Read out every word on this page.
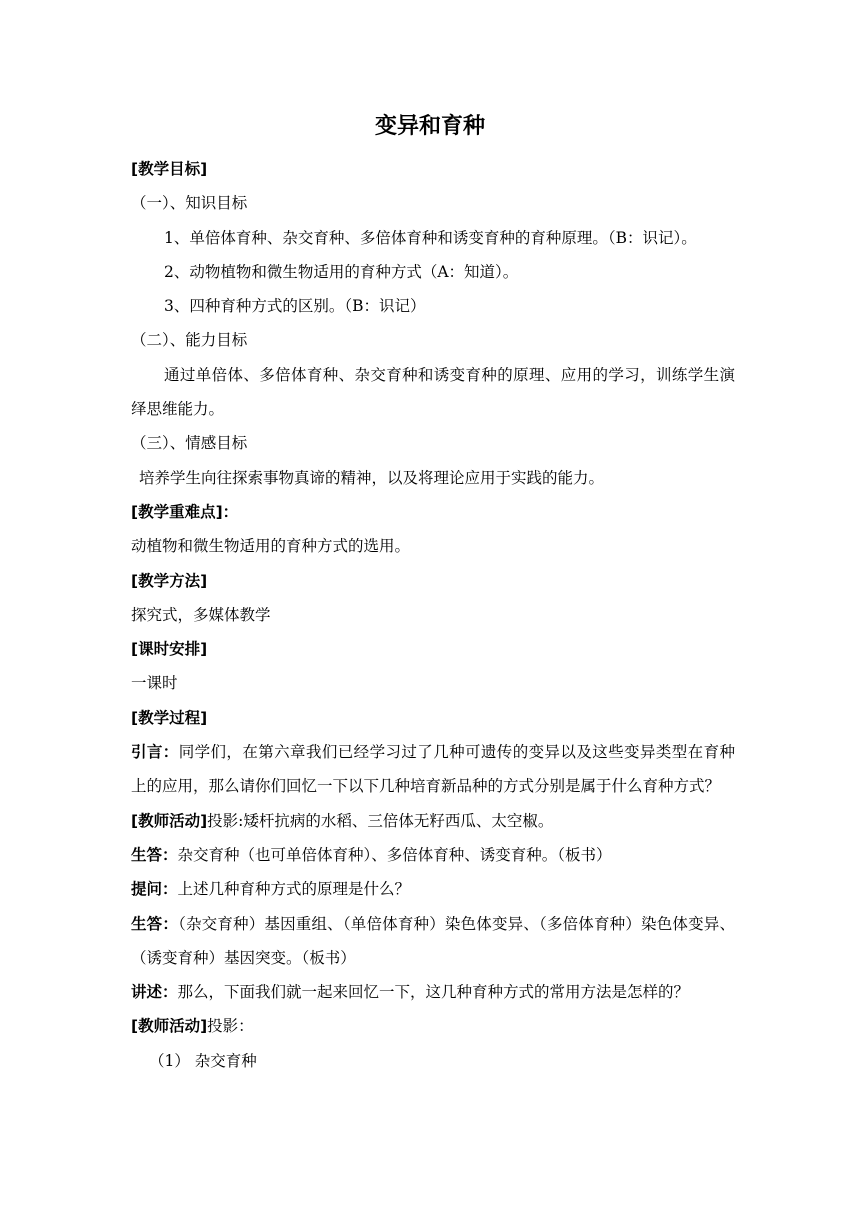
变异和育种

[教学目标]

（一）、知识目标

1、单倍体育种、杂交育种、多倍体育种和诱变育种的育种原理。（B：识记）。

2、动物植物和微生物适用的育种方式（A：知道）。

3、四种育种方式的区别。（B：识记）

（二）、能力目标

通过单倍体、多倍体育种、杂交育种和诱变育种的原理、应用的学习，训练学生演绎思维能力。

（三）、情感目标

培养学生向往探索事物真谛的精神，以及将理论应用于实践的能力。

[教学重难点]：

动植物和微生物适用的育种方式的选用。

[教学方法]

探究式，多媒体教学

[课时安排]

一课时

[教学过程]

引言：同学们，在第六章我们已经学习过了几种可遗传的变异以及这些变异类型在育种上的应用，那么请你们回忆一下以下几种培育新品种的方式分别是属于什么育种方式？

[教师活动]投影:矮杆抗病的水稻、三倍体无籽西瓜、太空椒。

生答：杂交育种（也可单倍体育种）、多倍体育种、诱变育种。（板书）

提问：上述几种育种方式的原理是什么？

生答：（杂交育种）基因重组、（单倍体育种）染色体变异、（多倍体育种）染色体变异、（诱变育种）基因突变。（板书）

讲述：那么，下面我们就一起来回忆一下，这几种育种方式的常用方法是怎样的？

[教师活动]投影：

（1） 杂交育种
